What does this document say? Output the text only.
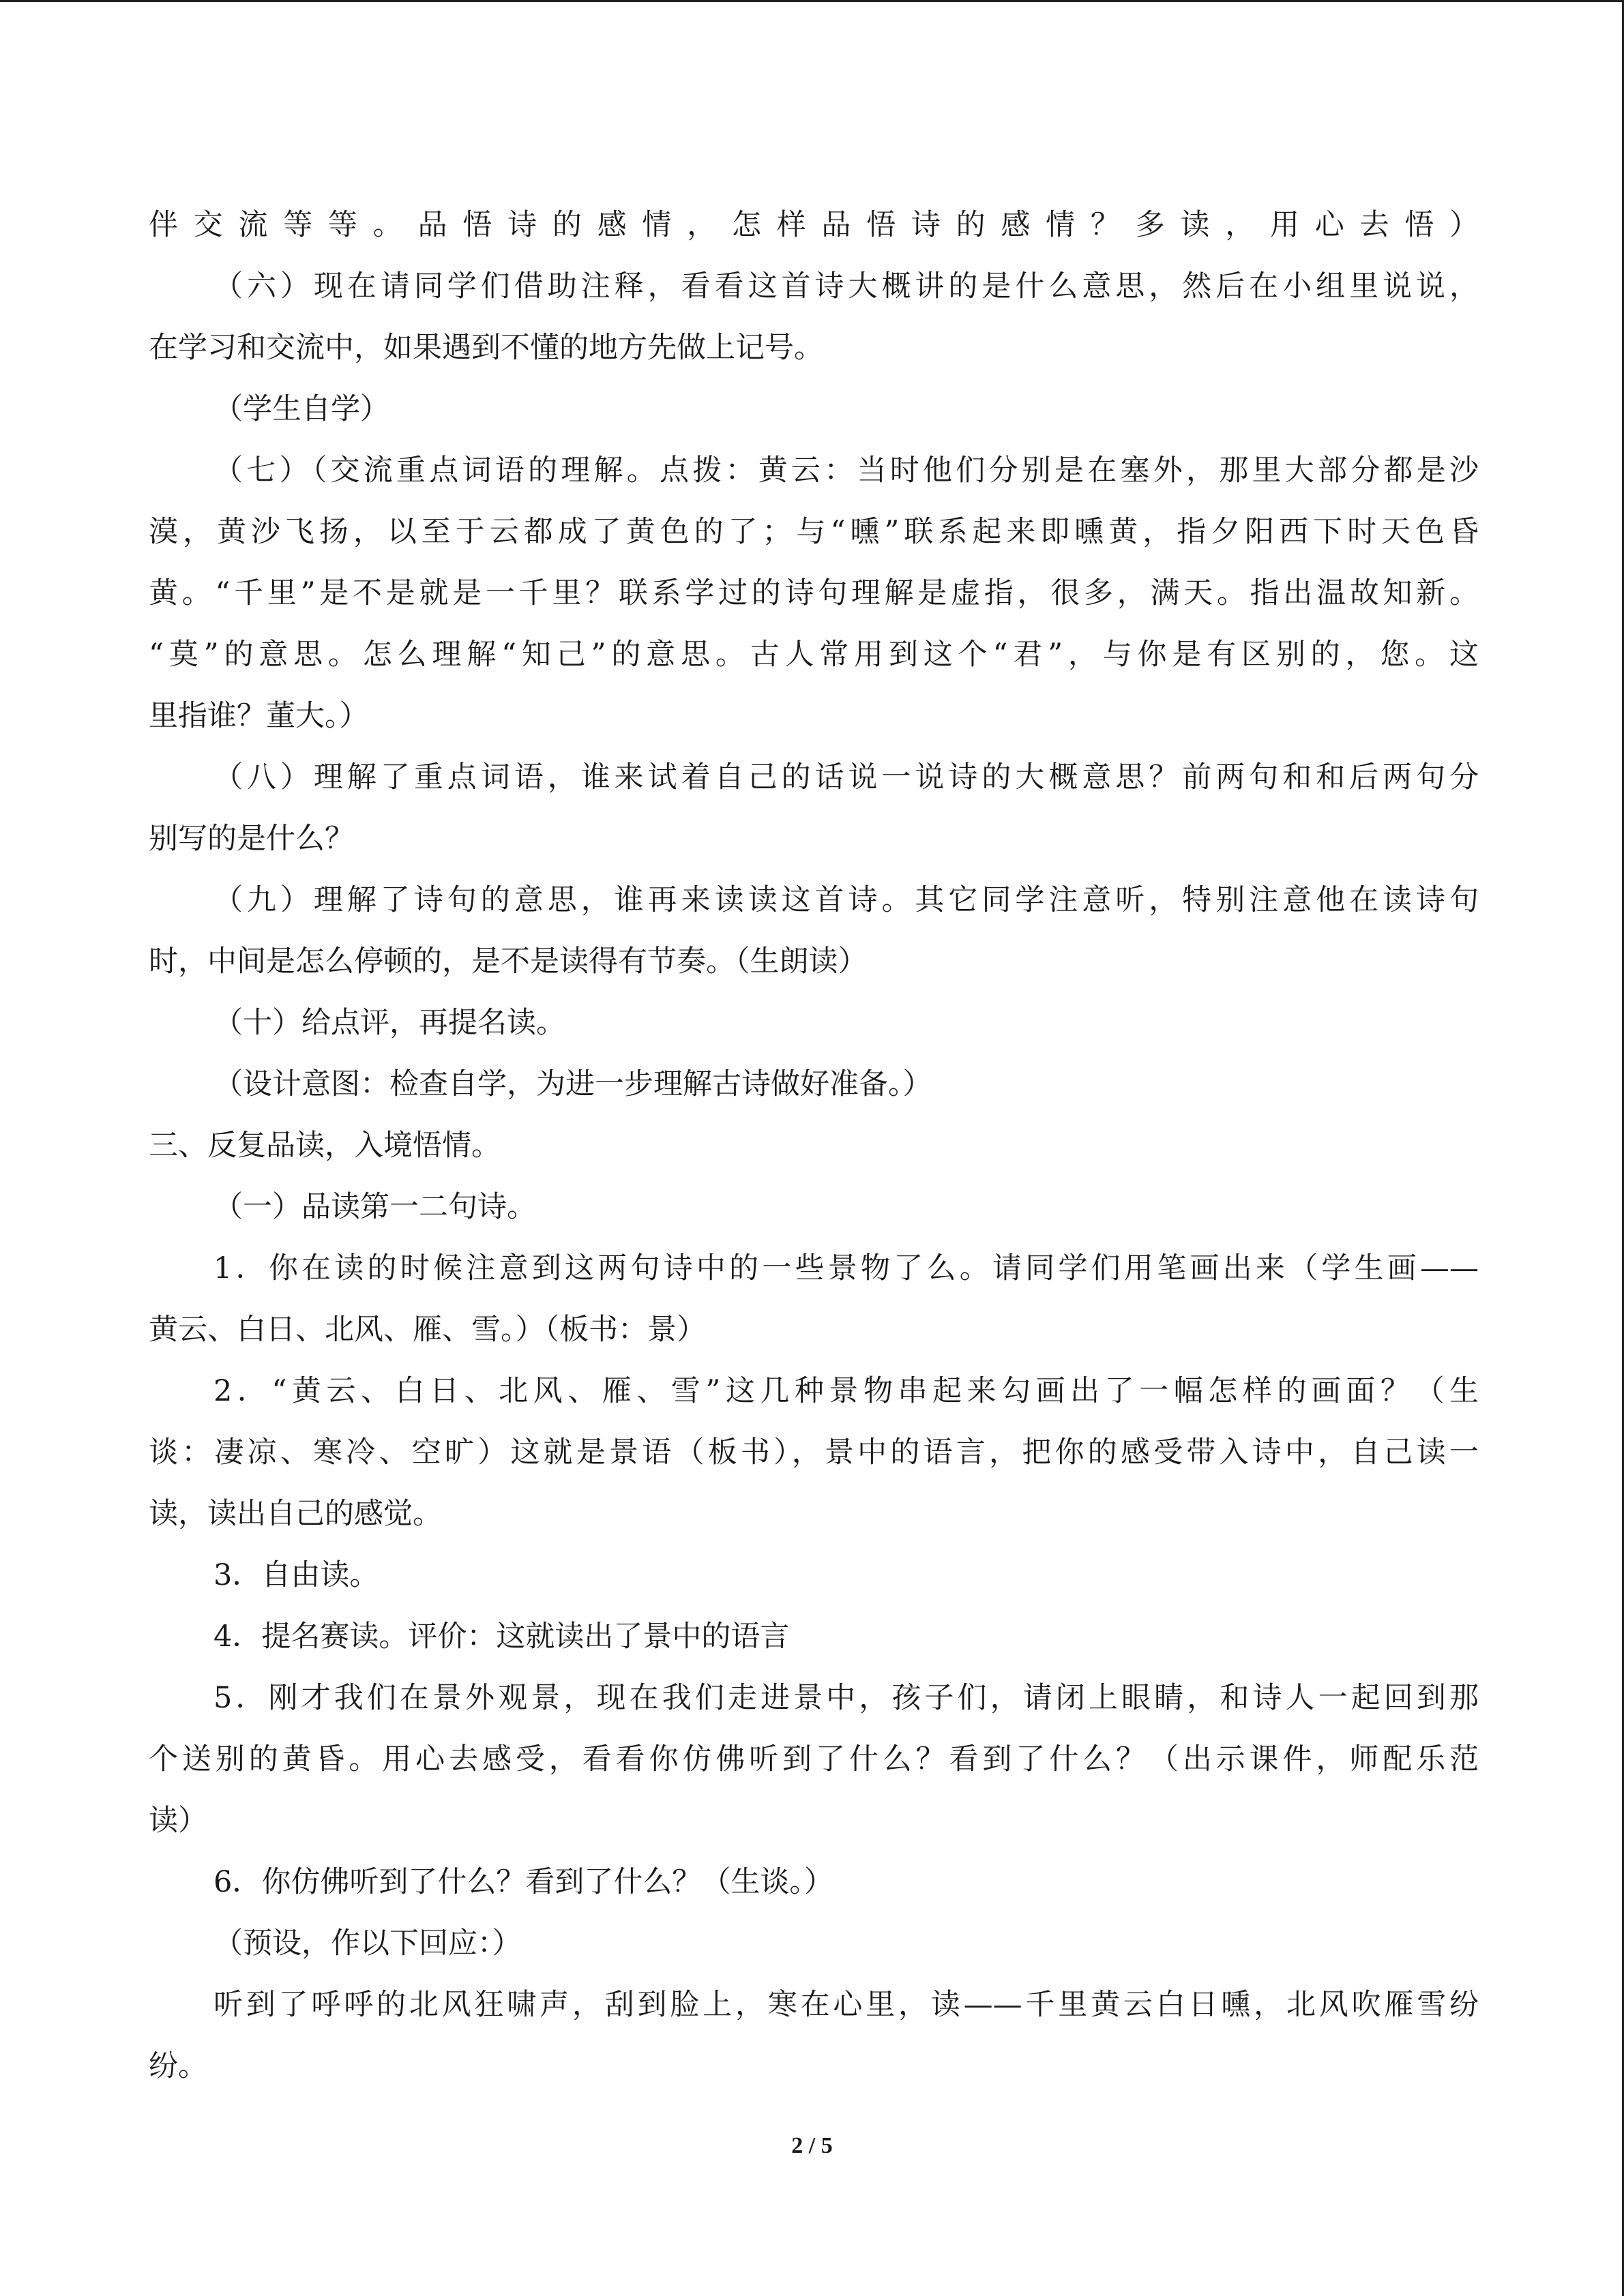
伴交流等等。品悟诗的感情，怎样品悟诗的感情？多读，用心去悟）
（六）现在请同学们借助注释，看看这首诗大概讲的是什么意思，然后在小组里说说，
在学习和交流中，如果遇到不懂的地方先做上记号。
（学生自学）
（七）（交流重点词语的理解。点拨：黄云：当时他们分别是在塞外，那里大部分都是沙
漠，黄沙飞扬，以至于云都成了黄色的了；与“曛”联系起来即曛黄，指夕阳西下时天色昏
黄。“千里”是不是就是一千里？联系学过的诗句理解是虚指，很多，满天。指出温故知新。
“莫”的意思。怎么理解“知己”的意思。古人常用到这个“君”，与你是有区别的，您。这
里指谁？董大。）
（八）理解了重点词语，谁来试着自己的话说一说诗的大概意思？前两句和和后两句分
别写的是什么？
（九）理解了诗句的意思，谁再来读读这首诗。其它同学注意听，特别注意他在读诗句
时，中间是怎么停顿的，是不是读得有节奏。（生朗读）
（十）给点评，再提名读。
（设计意图：检查自学，为进一步理解古诗做好准备。）
三、反复品读，入境悟情。
（一）品读第一二句诗。
1．你在读的时候注意到这两句诗中的一些景物了么。请同学们用笔画出来（学生画——
黄云、白日、北风、雁、雪。）（板书：景）
2．“黄云、白日、北风、雁、雪”这几种景物串起来勾画出了一幅怎样的画面？（生
谈：凄凉、寒冷、空旷）这就是景语（板书），景中的语言，把你的感受带入诗中，自己读一
读，读出自己的感觉。
3．自由读。
4．提名赛读。评价：这就读出了景中的语言
5．刚才我们在景外观景，现在我们走进景中，孩子们，请闭上眼睛，和诗人一起回到那
个送别的黄昏。用心去感受，看看你仿佛听到了什么？看到了什么？（出示课件，师配乐范
读）
6．你仿佛听到了什么？看到了什么？（生谈。）
（预设，作以下回应：）
听到了呼呼的北风狂啸声，刮到脸上，寒在心里，读——千里黄云白日曛，北风吹雁雪纷
纷。
2 / 5
